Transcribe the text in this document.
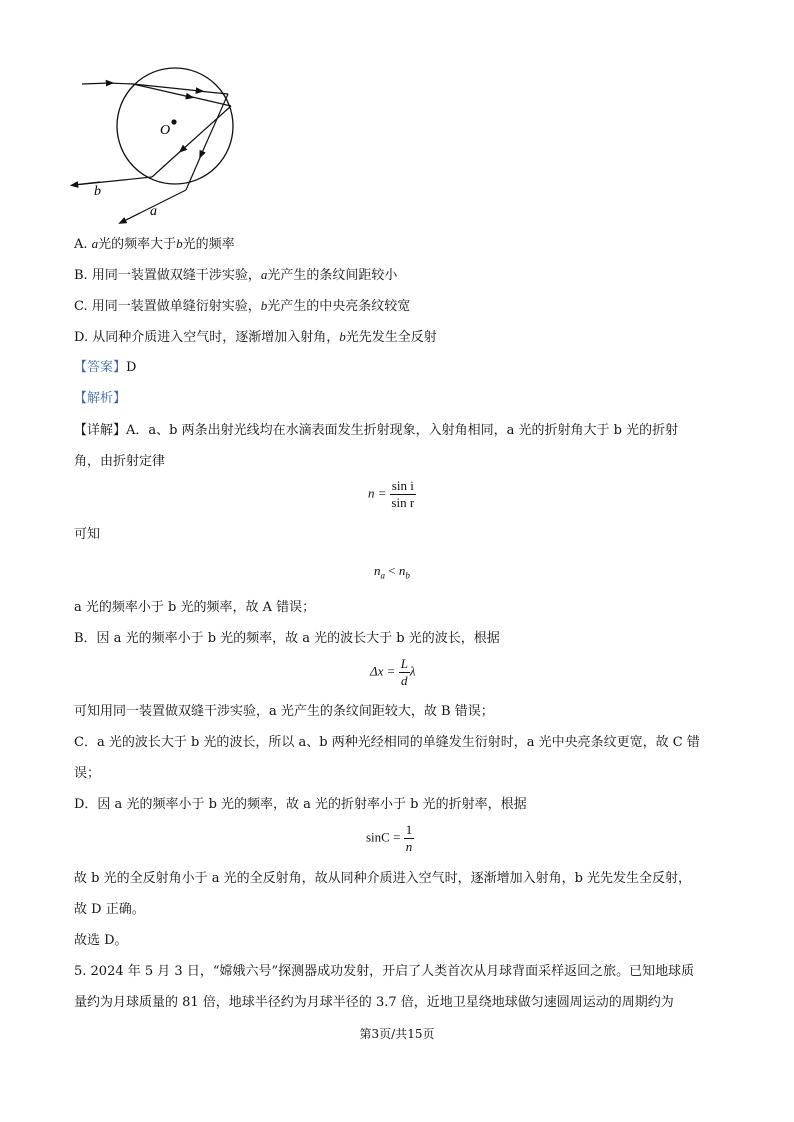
O
b
a
A. a光的频率大于b光的频率
B. 用同一装置做双缝干涉实验，a光产生的条纹间距较小
C. 用同一装置做单缝衍射实验，b光产生的中央亮条纹较宽
D. 从同种介质进入空气时，逐渐增加入射角，b光先发生全反射
【答案】D
【解析】
【详解】A．a、b 两条出射光线均在水滴表面发生折射现象，入射角相同，a 光的折射角大于 b 光的折射
角，由折射定律
$n = \frac{\text{sin i}}{\text{sin r}}$
可知
$n_a < n_b$
a 光的频率小于 b 光的频率，故 A 错误；
B．因 a 光的频率小于 b 光的频率，故 a 光的波长大于 b 光的波长，根据
$\Delta x = \frac{L}{d}$ λ
可知用同一装置做双缝干涉实验，a 光产生的条纹间距较大，故 B 错误；
C．a 光的波长大于 b 光的波长，所以 a、b 两种光经相同的单缝发生衍射时，a 光中央亮条纹更宽，故 C 错
误；
D．因 a 光的频率小于 b 光的频率，故 a 光的折射率小于 b 光的折射率，根据
$\sin C = \frac{1}{n}$
故 b 光的全反射角小于 a 光的全反射角，故从同种介质进入空气时，逐渐增加入射角，b 光先发生全反射，
故 D 正确。
故选 D。
5. 2024 年 5 月 3 日，“嫦娥六号”探测器成功发射，开启了人类首次从月球背面采样返回之旅。已知地球质
量约为月球质量的 81 倍，地球半径约为月球半径的 3.7 倍，近地卫星绕地球做匀速圆周运动的周期约为
第3页/共15页
